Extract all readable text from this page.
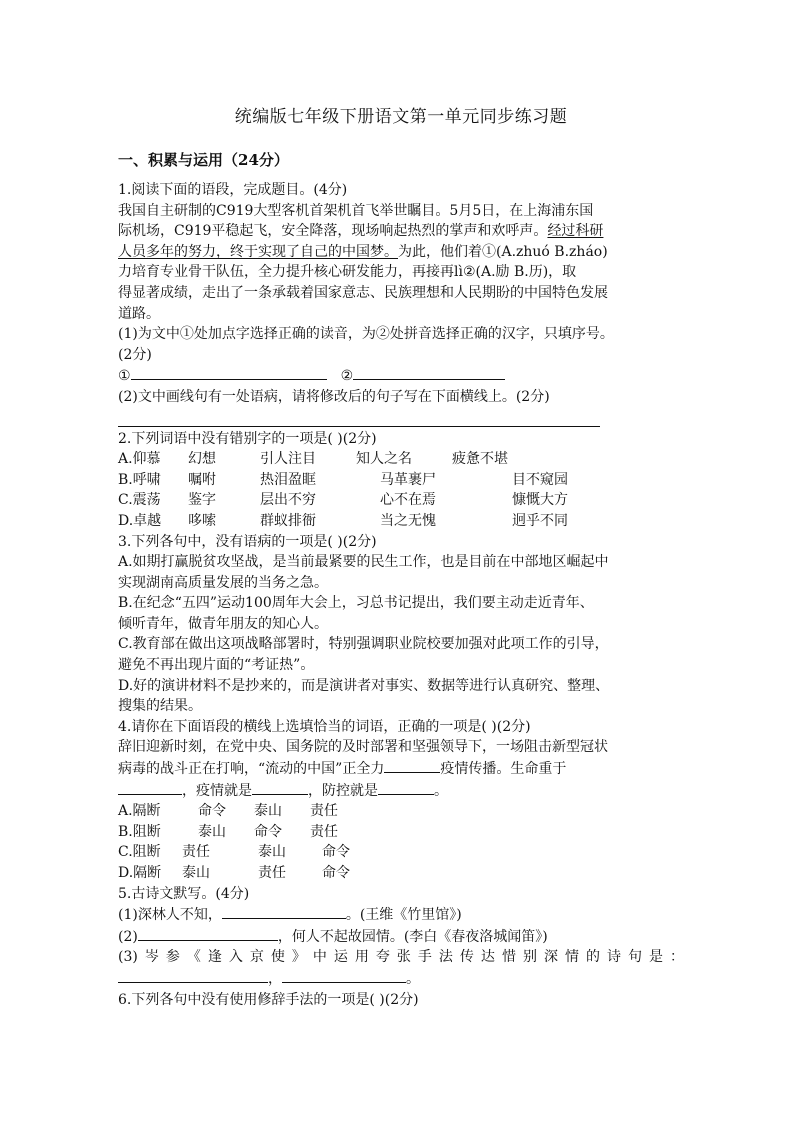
统编版七年级下册语文第一单元同步练习题
一、积累与运用（24分）
1.阅读下面的语段，完成题目。(4分)
我国自主研制的C919大型客机首架机首飞举世瞩目。5月5日，在上海浦东国
际机场，C919平稳起飞，安全降落，现场响起热烈的掌声和欢呼声。经过科研
人员多年的努力，终于实现了自己的中国梦。为此，他们着①(A.zhuó B.zháo)
力培育专业骨干队伍，全力提升核心研发能力，再接再lì②(A.励 B.历)，取
得显著成绩，走出了一条承载着国家意志、民族理想和人民期盼的中国特色发展
道路。
(1)为文中①处加点字选择正确的读音，为②处拼音选择正确的汉字，只填序号。
(2分)
①	②
(2)文中画线句有一处语病，请将修改后的句子写在下面横线上。(2分)
2.下列词语中没有错别字的一项是( )(2分)
A.仰慕	幻想	引人注目	知人之名	疲惫不堪
B.呼啸	嘱咐	热泪盈眶	马革裹尸	目不窥园
C.震荡	鉴字	层出不穷	心不在焉	慷慨大方
D.卓越	哆嗦	群蚁排衙	当之无愧	迥乎不同
3.下列各句中，没有语病的一项是( )(2分)
A.如期打赢脱贫攻坚战，是当前最紧要的民生工作，也是目前在中部地区崛起中
实现湖南高质量发展的当务之急。
B.在纪念“五四”运动100周年大会上，习总书记提出，我们要主动走近青年、
倾听青年，做青年朋友的知心人。
C.教育部在做出这项战略部署时，特别强调职业院校要加强对此项工作的引导，
避免不再出现片面的“考证热”。
D.好的演讲材料不是抄来的，而是演讲者对事实、数据等进行认真研究、整理、
搜集的结果。
4.请你在下面语段的横线上选填恰当的词语，正确的一项是( )(2分)
辞旧迎新时刻，在党中央、国务院的及时部署和坚强领导下，一场阻击新型冠状
病毒的战斗正在打响，“流动的中国”正全力	疫情传播。生命重于
，疫情就是	，防控就是	。
A.隔断	命令	泰山	责任
B.阻断	泰山	命令	责任
C.阻断	责任	泰山	命令
D.隔断	泰山	责任	命令
5.古诗文默写。(4分)
(1)深林人不知，	。(王维《竹里馆》)
(2)	，何人不起故园情。(李白《春夜洛城闻笛》)
(3)岑参《逢入京使》中运用夸张手法传达惜别深情的诗句是：
，	。
6.下列各句中没有使用修辞手法的一项是( )(2分)
